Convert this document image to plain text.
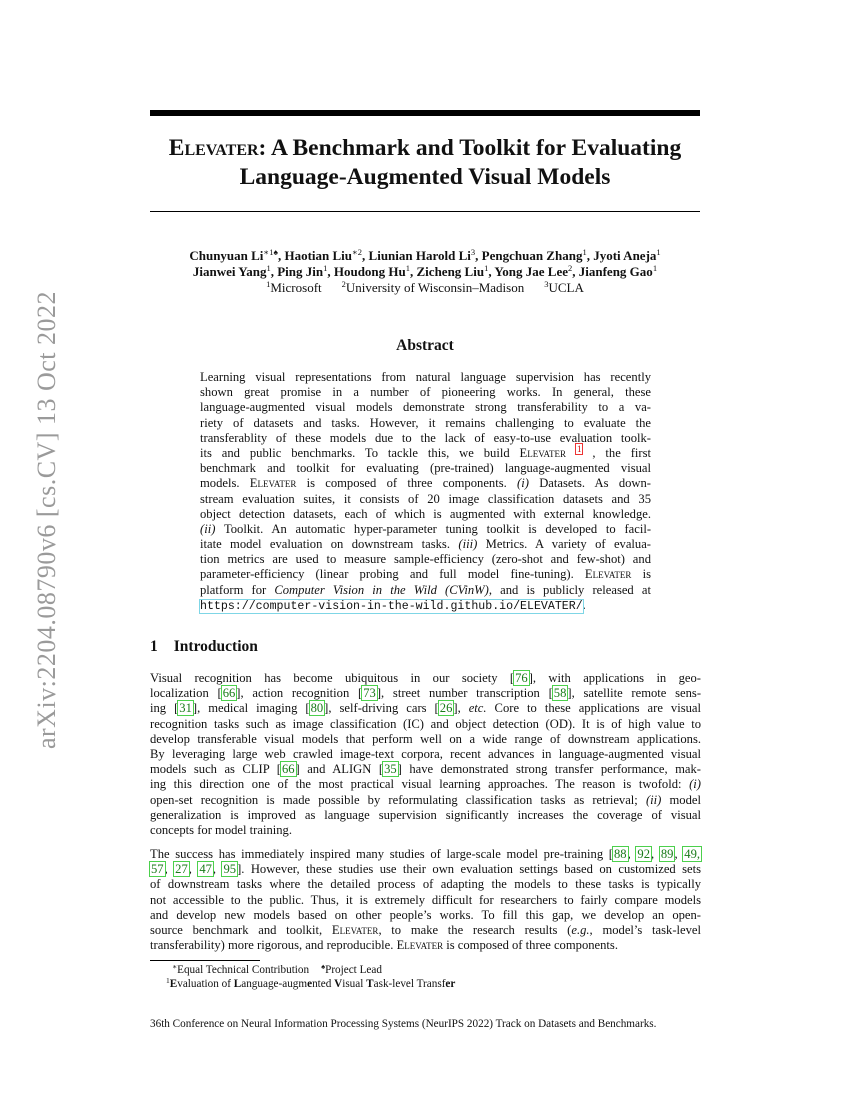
arXiv:2204.08790v6 [cs.CV] 13 Oct 2022
Elevater: A Benchmark and Toolkit for Evaluating
Language-Augmented Visual Models
Chunyuan $Li^{∗1♠}$, Haotian Liu$^{∗2}$, Liunian Harold Li$^3$, Pengchuan Zhang$^1$, Jyoti Aneja$^1$
Jianwei Yang$^1$, Ping Jin$^1$, Houdong Hu$^1$, Zicheng Liu$^1$, Yong Jae Lee$^2$, Jianfeng Gao$^1$
$^1$Microsoft $^2$University of Wisconsin–Madison $^3$UCLA
Abstract
Learning visual representations from natural language supervision has recently
shown great promise in a number of pioneering works. In general, these
language-augmented visual models demonstrate strong transferability to a va-
riety of datasets and tasks. However, it remains challenging to evaluate the
transferablity of these models due to the lack of easy-to-use evaluation toolk-
its and public benchmarks. To tackle this, we build Elevater $^1$ , the first
benchmark and toolkit for evaluating (pre-trained) language-augmented visual
models. Elevater is composed of three components. (i) Datasets. As down-
stream evaluation suites, it consists of 20 image classification datasets and 35
object detection datasets, each of which is augmented with external knowledge.
(ii) Toolkit. An automatic hyper-parameter tuning toolkit is developed to facil-
itate model evaluation on downstream tasks. (iii) Metrics. A variety of evalua-
tion metrics are used to measure sample-efficiency (zero-shot and few-shot) and
parameter-efficiency (linear probing and full model fine-tuning). Elevater is
platform for Computer Vision in the Wild (CVinW), and is publicly released at
https://computer-vision-in-the-wild.github.io/ELEVATER/.
1 Introduction
Visual recognition has become ubiquitous in our society [76], with applications in geo-
localization [66], action recognition [73], street number transcription [58], satellite remote sens-
ing [31], medical imaging [80], self-driving cars [26], etc. Core to these applications are visual
recognition tasks such as image classification (IC) and object detection (OD). It is of high value to
develop transferable visual models that perform well on a wide range of downstream applications.
By leveraging large web crawled image-text corpora, recent advances in language-augmented visual
models such as CLIP [66] and ALIGN [35] have demonstrated strong transfer performance, mak-
ing this direction one of the most practical visual learning approaches. The reason is twofold: (i)
open-set recognition is made possible by reformulating classification tasks as retrieval; (ii) model
generalization is improved as language supervision significantly increases the coverage of visual
concepts for model training.
The success has immediately inspired many studies of large-scale model pre-training [88, 92, 89, 49,
57, 27, 47, 95]. However, these studies use their own evaluation settings based on customized sets
of downstream tasks where the detailed process of adapting the models to these tasks is typically
not accessible to the public. Thus, it is extremely difficult for researchers to fairly compare models
and develop new models based on other people’s works. To fill this gap, we develop an open-
source benchmark and toolkit, Elevater, to make the research results (e.g., model’s task-level
transferability) more rigorous, and reproducible. Elevater is composed of three components.
∗Equal Technical Contribution ♠Project Lead
$^1$Evaluation of Language-augmented Visual Task-level Transfer
36th Conference on Neural Information Processing Systems (NeurIPS 2022) Track on Datasets and Benchmarks.
